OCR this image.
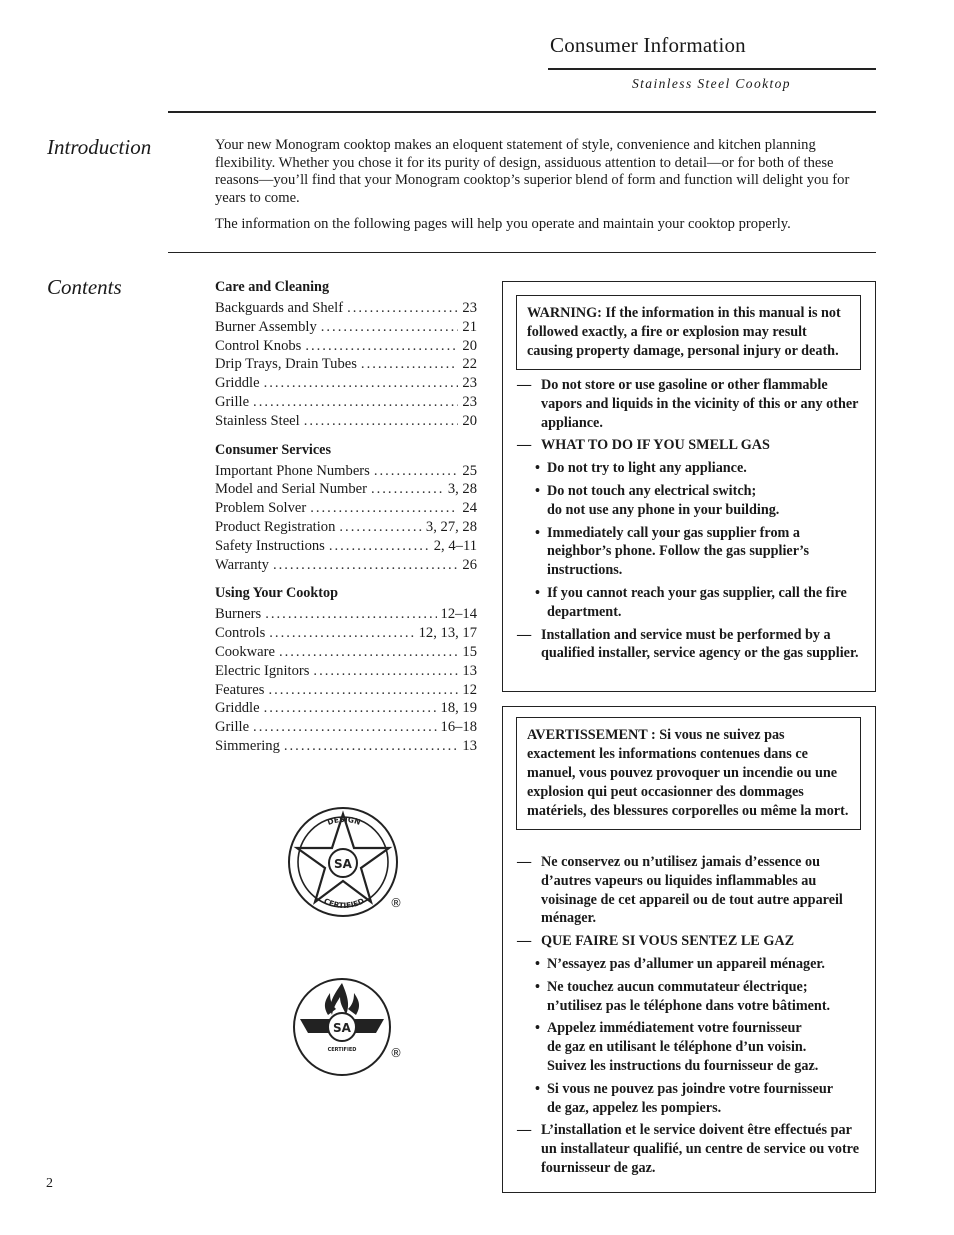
Consumer Information
Stainless Steel Cooktop
Introduction	Your new Monogram cooktop makes an eloquent statement of style, convenience and kitchen planning flexibility. Whether you chose it for its purity of design, assiduous attention to detail—or for both of these reasons—you’ll find that your Monogram cooktop’s superior blend of form and function will delight you for years to come.

The information on the following pages will help you operate and maintain your cooktop properly.

Contents	Care and Cleaning
Backguards and Shelf .....	23
Burner Assembly .....	21
Control Knobs .....	20
Drip Trays, Drain Tubes .....	22
Griddle .....	23
Grille .....	23
Stainless Steel .....	20
Consumer Services
Important Phone Numbers .....	25
Model and Serial Number .....	3, 28
Problem Solver .....	24
Product Registration .....	3, 27, 28
Safety Instructions .....	2, 4–11
Warranty .....	26
Using Your Cooktop
Burners .....	12–14
Controls .....	12, 13, 17
Cookware .....	15
Electric Ignitors .....	13
Features .....	12
Griddle .....	18, 19
Grille .....	16–18
Simmering .....	13
WARNING: If the information in this manual is not followed exactly, a fire or explosion may result causing property damage, personal injury or death.
— Do not store or use gasoline or other flammable vapors and liquids in the vicinity of this or any other appliance.
— WHAT TO DO IF YOU SMELL GAS
• Do not try to light any appliance.
• Do not touch any electrical switch;
do not use any phone in your building.
• Immediately call your gas supplier from a neighbor’s phone. Follow the gas supplier’s instructions.
• If you cannot reach your gas supplier, call the fire department.
— Installation and service must be performed by a qualified installer, service agency or the gas supplier.
AVERTISSEMENT : Si vous ne suivez pas exactement les informations contenues dans ce manuel, vous pouvez provoquer un incendie ou une explosion qui peut occasionner des dommages matériels, des blessures corporelles ou même la mort.
— Ne conservez ou n’utilisez jamais d’essence ou d’autres vapeurs ou liquides inflammables au voisinage de cet appareil ou de tout autre appareil ménager.
— QUE FAIRE SI VOUS SENTEZ LE GAZ
• N’essayez pas d’allumer un appareil ménager.
• Ne touchez aucun commutateur électrique;
n’utilisez pas le téléphone dans votre bâtiment.
• Appelez immédiatement votre fournisseur
de gaz en utilisant le téléphone d’un voisin.
Suivez les instructions du fournisseur de gaz.
• Si vous ne pouvez pas joindre votre fournisseur
de gaz, appelez les pompiers.
— L’installation et le service doivent être effectués par un installateur qualifié, un centre de service ou votre fournisseur de gaz.
SA
DESIGN
CERTIFIED ®
SA
CERTIFIED	®
2
